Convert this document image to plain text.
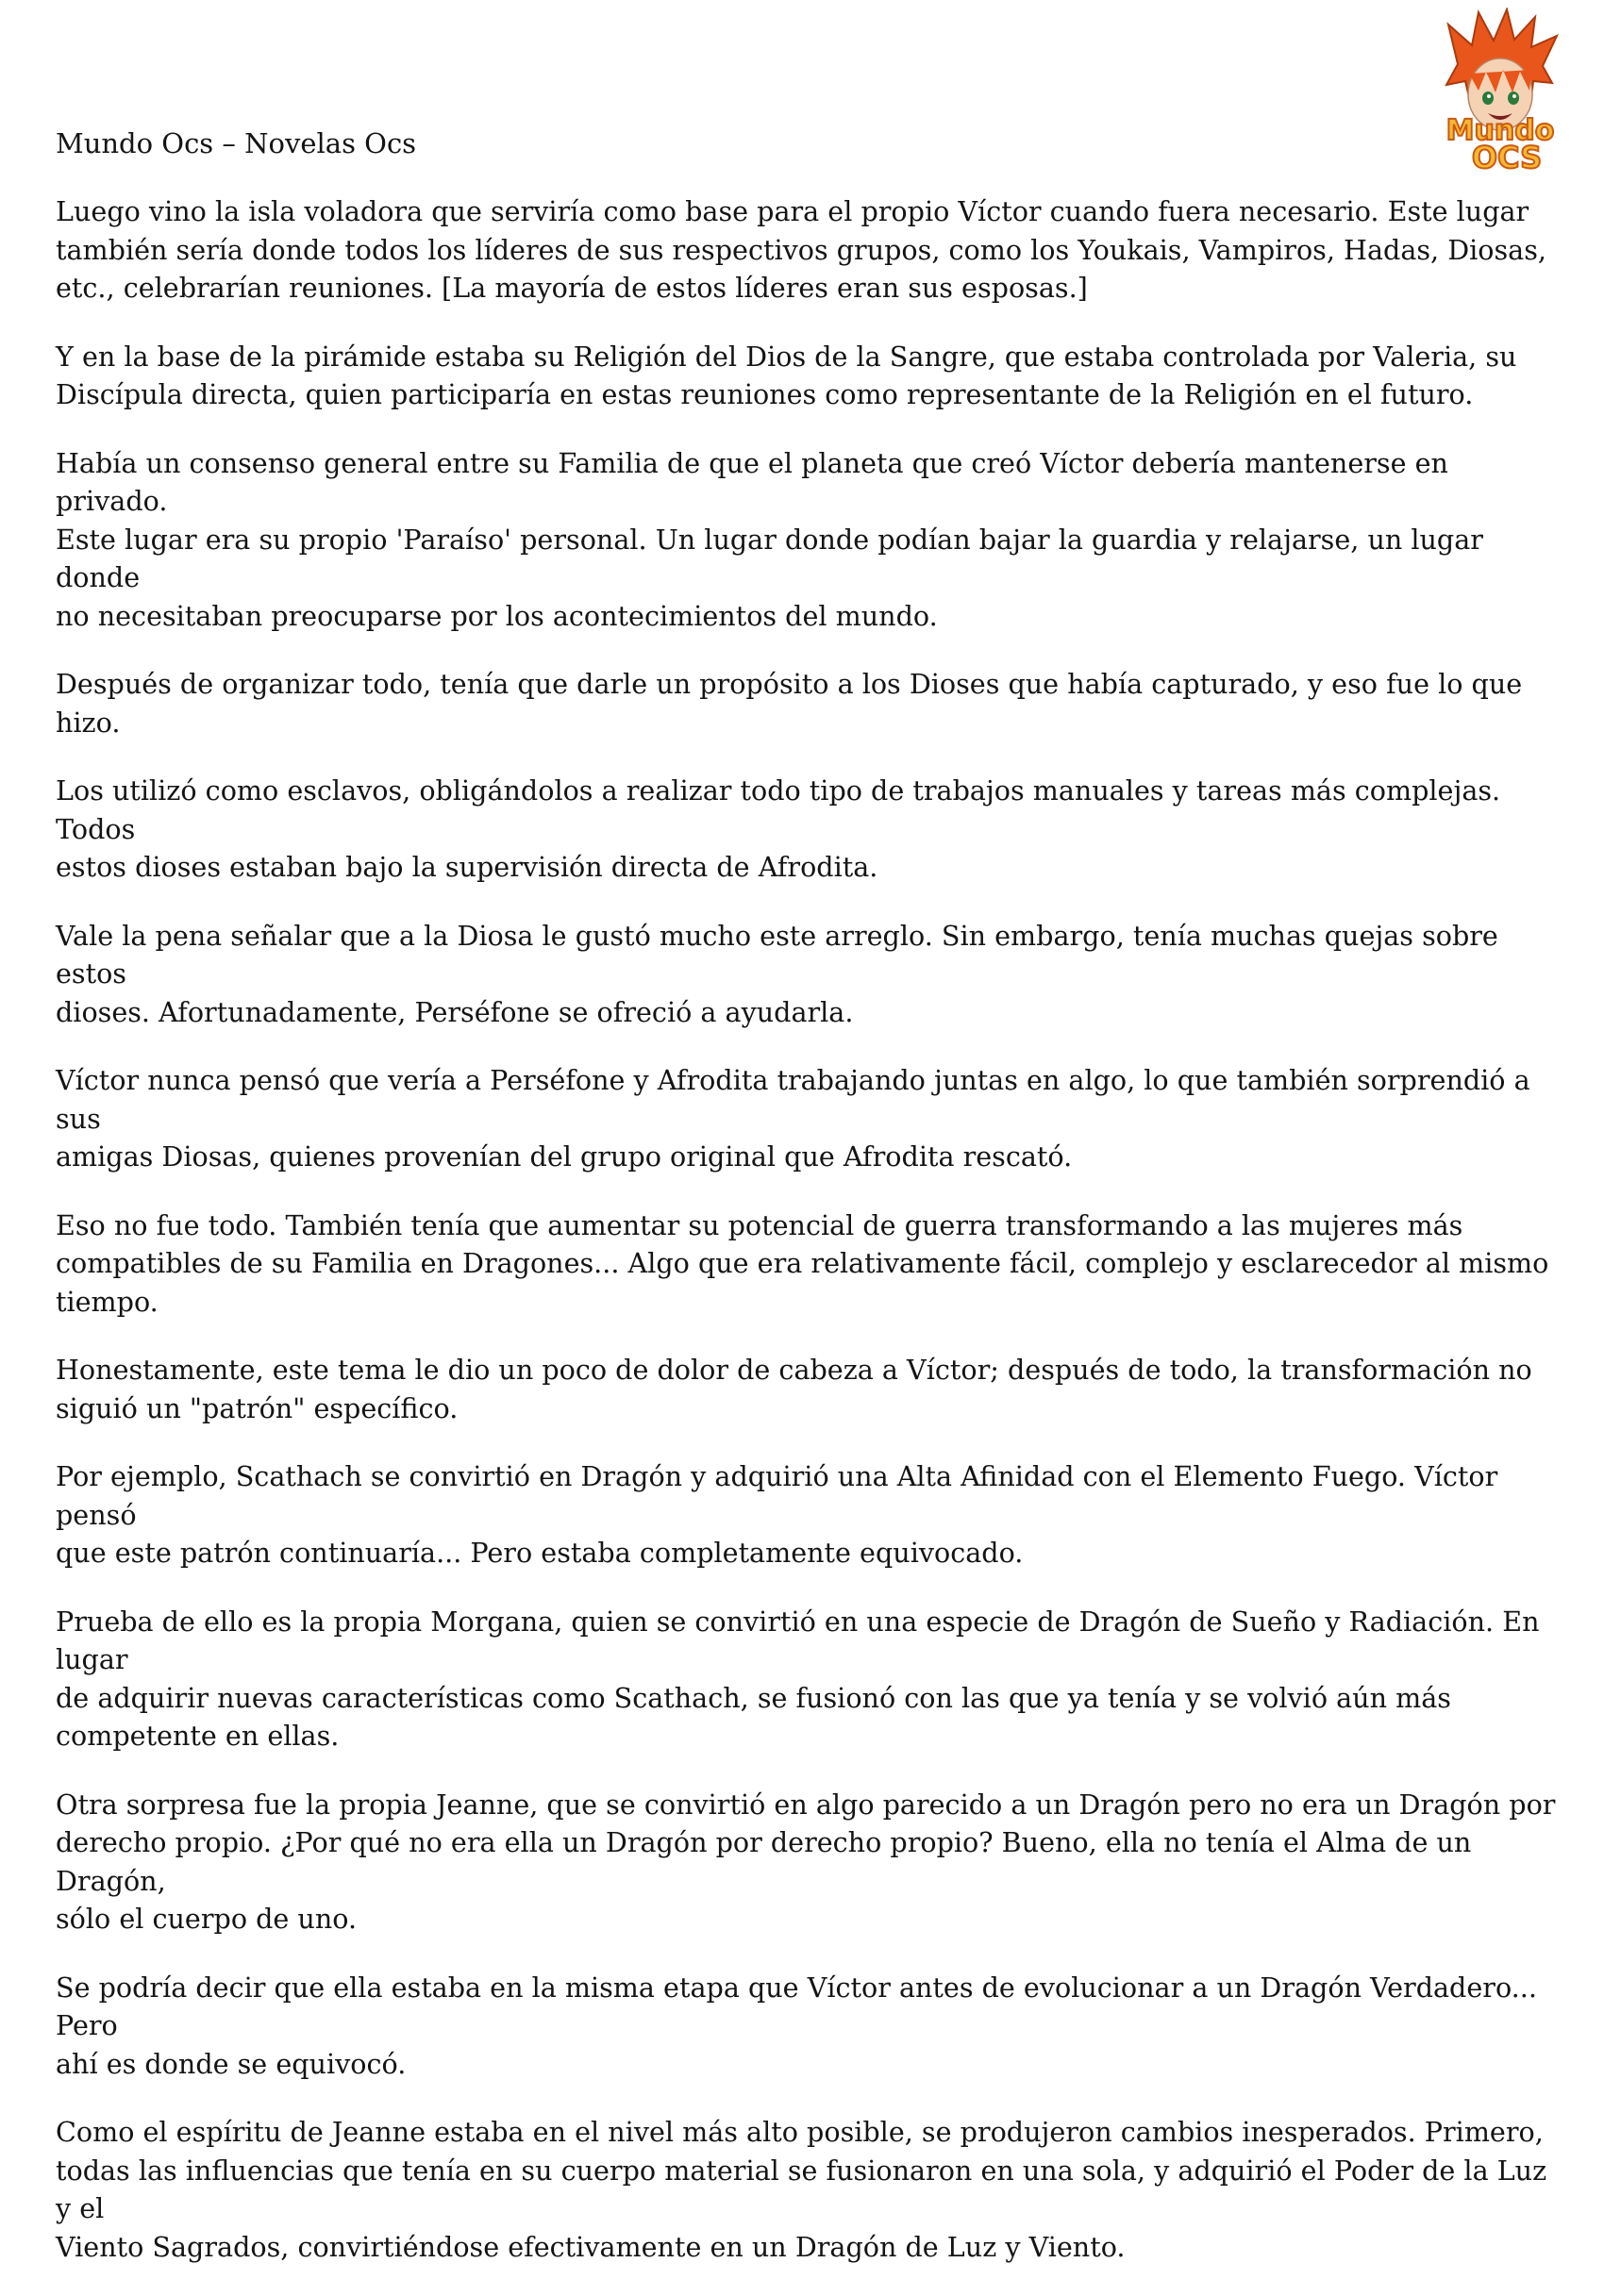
Mundo
OCS
Mundo Ocs – Novelas Ocs

Luego vino la isla voladora que serviría como base para el propio Víctor cuando fuera necesario. Este lugar
también sería donde todos los líderes de sus respectivos grupos, como los Youkais, Vampiros, Hadas, Diosas,
etc., celebrarían reuniones. [La mayoría de estos líderes eran sus esposas.]

Y en la base de la pirámide estaba su Religión del Dios de la Sangre, que estaba controlada por Valeria, su
Discípula directa, quien participaría en estas reuniones como representante de la Religión en el futuro.

Había un consenso general entre su Familia de que el planeta que creó Víctor debería mantenerse en privado.
Este lugar era su propio 'Paraíso' personal. Un lugar donde podían bajar la guardia y relajarse, un lugar donde
no necesitaban preocuparse por los acontecimientos del mundo.

Después de organizar todo, tenía que darle un propósito a los Dioses que había capturado, y eso fue lo que hizo.

Los utilizó como esclavos, obligándolos a realizar todo tipo de trabajos manuales y tareas más complejas. Todos
estos dioses estaban bajo la supervisión directa de Afrodita.

Vale la pena señalar que a la Diosa le gustó mucho este arreglo. Sin embargo, tenía muchas quejas sobre estos
dioses. Afortunadamente, Perséfone se ofreció a ayudarla.

Víctor nunca pensó que vería a Perséfone y Afrodita trabajando juntas en algo, lo que también sorprendió a sus
amigas Diosas, quienes provenían del grupo original que Afrodita rescató.

Eso no fue todo. También tenía que aumentar su potencial de guerra transformando a las mujeres más
compatibles de su Familia en Dragones... Algo que era relativamente fácil, complejo y esclarecedor al mismo
tiempo.

Honestamente, este tema le dio un poco de dolor de cabeza a Víctor; después de todo, la transformación no
siguió un "patrón" específico.

Por ejemplo, Scathach se convirtió en Dragón y adquirió una Alta Afinidad con el Elemento Fuego. Víctor pensó
que este patrón continuaría... Pero estaba completamente equivocado.

Prueba de ello es la propia Morgana, quien se convirtió en una especie de Dragón de Sueño y Radiación. En lugar
de adquirir nuevas características como Scathach, se fusionó con las que ya tenía y se volvió aún más
competente en ellas.

Otra sorpresa fue la propia Jeanne, que se convirtió en algo parecido a un Dragón pero no era un Dragón por
derecho propio. ¿Por qué no era ella un Dragón por derecho propio? Bueno, ella no tenía el Alma de un Dragón,
sólo el cuerpo de uno.

Se podría decir que ella estaba en la misma etapa que Víctor antes de evolucionar a un Dragón Verdadero... Pero
ahí es donde se equivocó.

Como el espíritu de Jeanne estaba en el nivel más alto posible, se produjeron cambios inesperados. Primero,
todas las influencias que tenía en su cuerpo material se fusionaron en una sola, y adquirió el Poder de la Luz y el
Viento Sagrados, convirtiéndose efectivamente en un Dragón de Luz y Viento.
